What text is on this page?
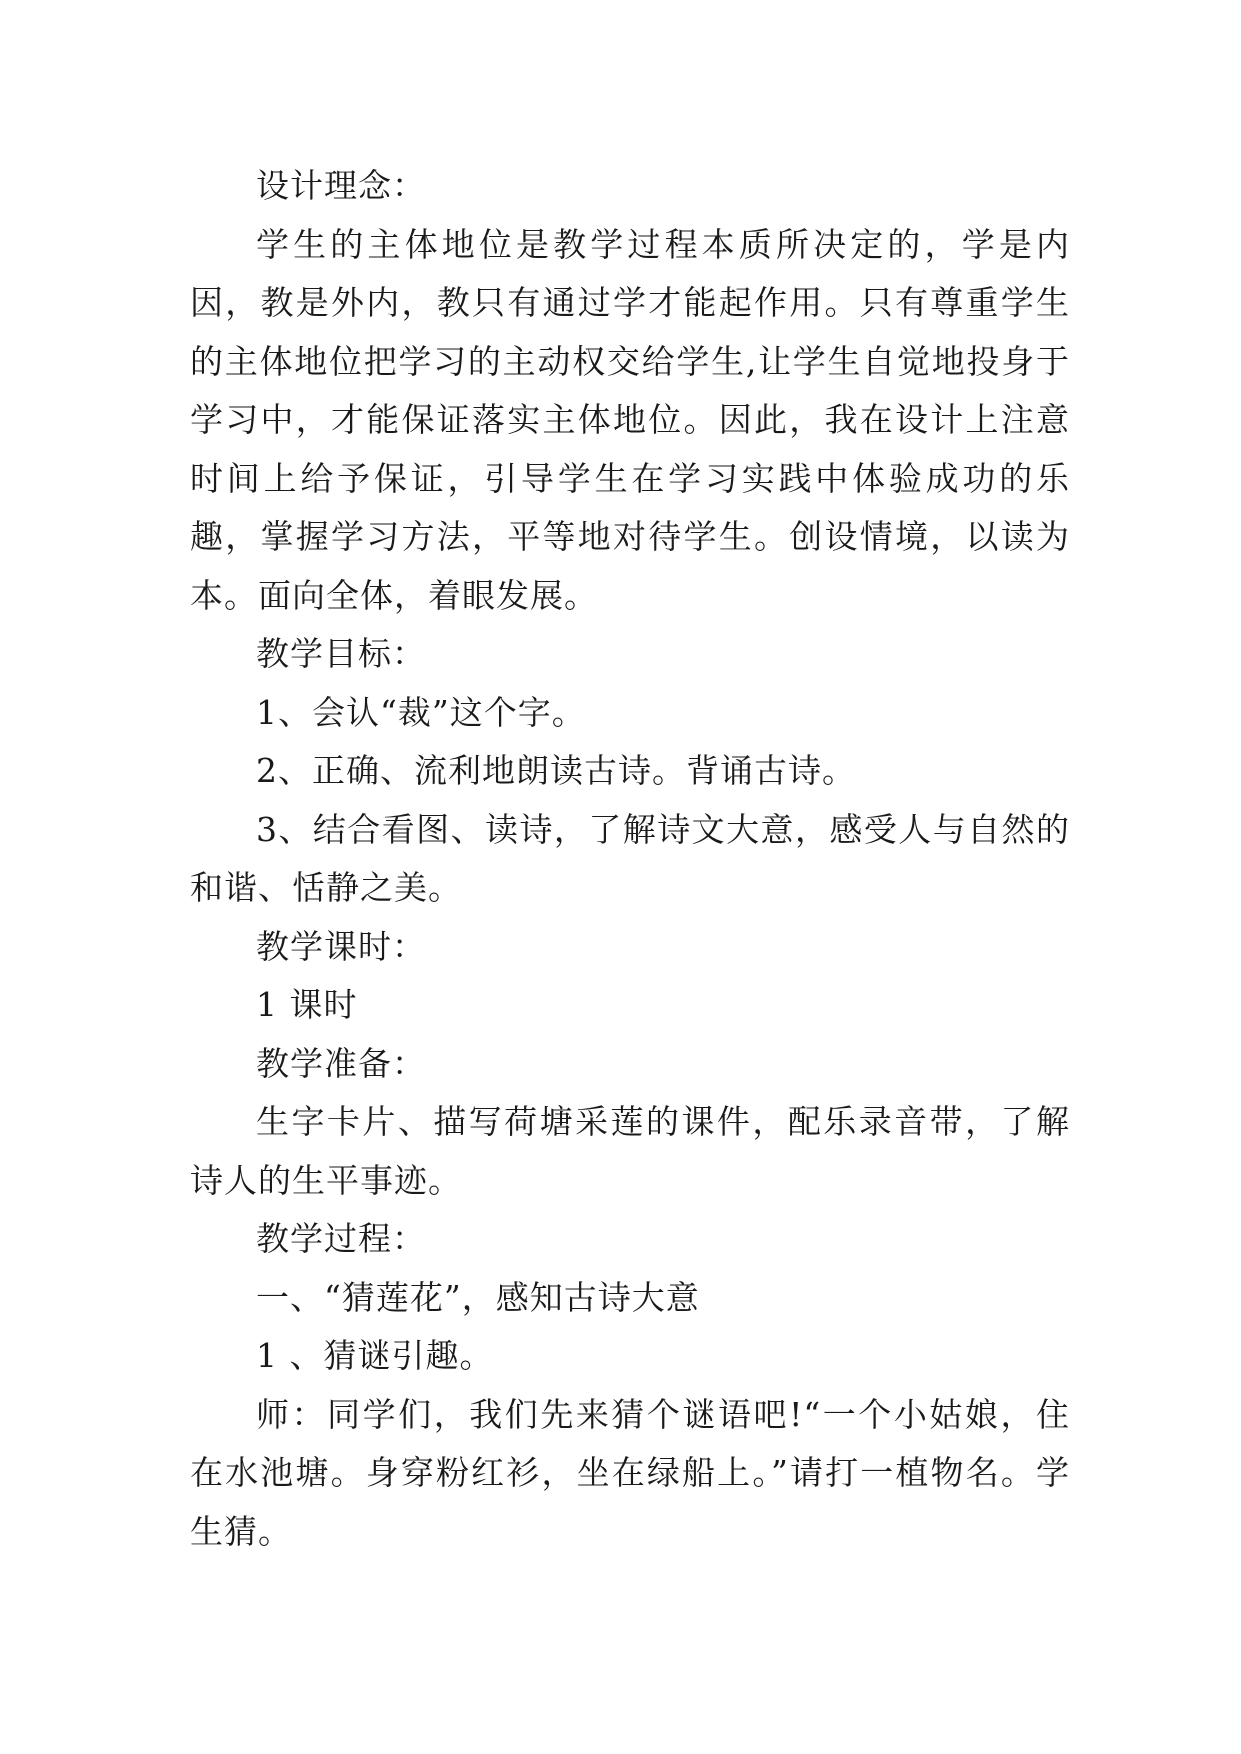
设计理念：

学生的主体地位是教学过程本质所决定的，学是内因，教是外内，教只有通过学才能起作用。只有尊重学生的主体地位把学习的主动权交给学生,让学生自觉地投身于学习中，才能保证落实主体地位。因此，我在设计上注意时间上给予保证，引导学生在学习实践中体验成功的乐趣，掌握学习方法，平等地对待学生。创设情境，以读为本。面向全体，着眼发展。

教学目标：

1、会认“裁”这个字。

2、正确、流利地朗读古诗。背诵古诗。

3、结合看图、读诗，了解诗文大意，感受人与自然的和谐、恬静之美。

教学课时：

1 课时

教学准备：

生字卡片、描写荷塘采莲的课件，配乐录音带，了解诗人的生平事迹。

教学过程：

一、“猜莲花”，感知古诗大意

1 、猜谜引趣。

师：同学们，我们先来猜个谜语吧!“一个小姑娘，住在水池塘。身穿粉红衫，坐在绿船上。”请打一植物名。学生猜。
